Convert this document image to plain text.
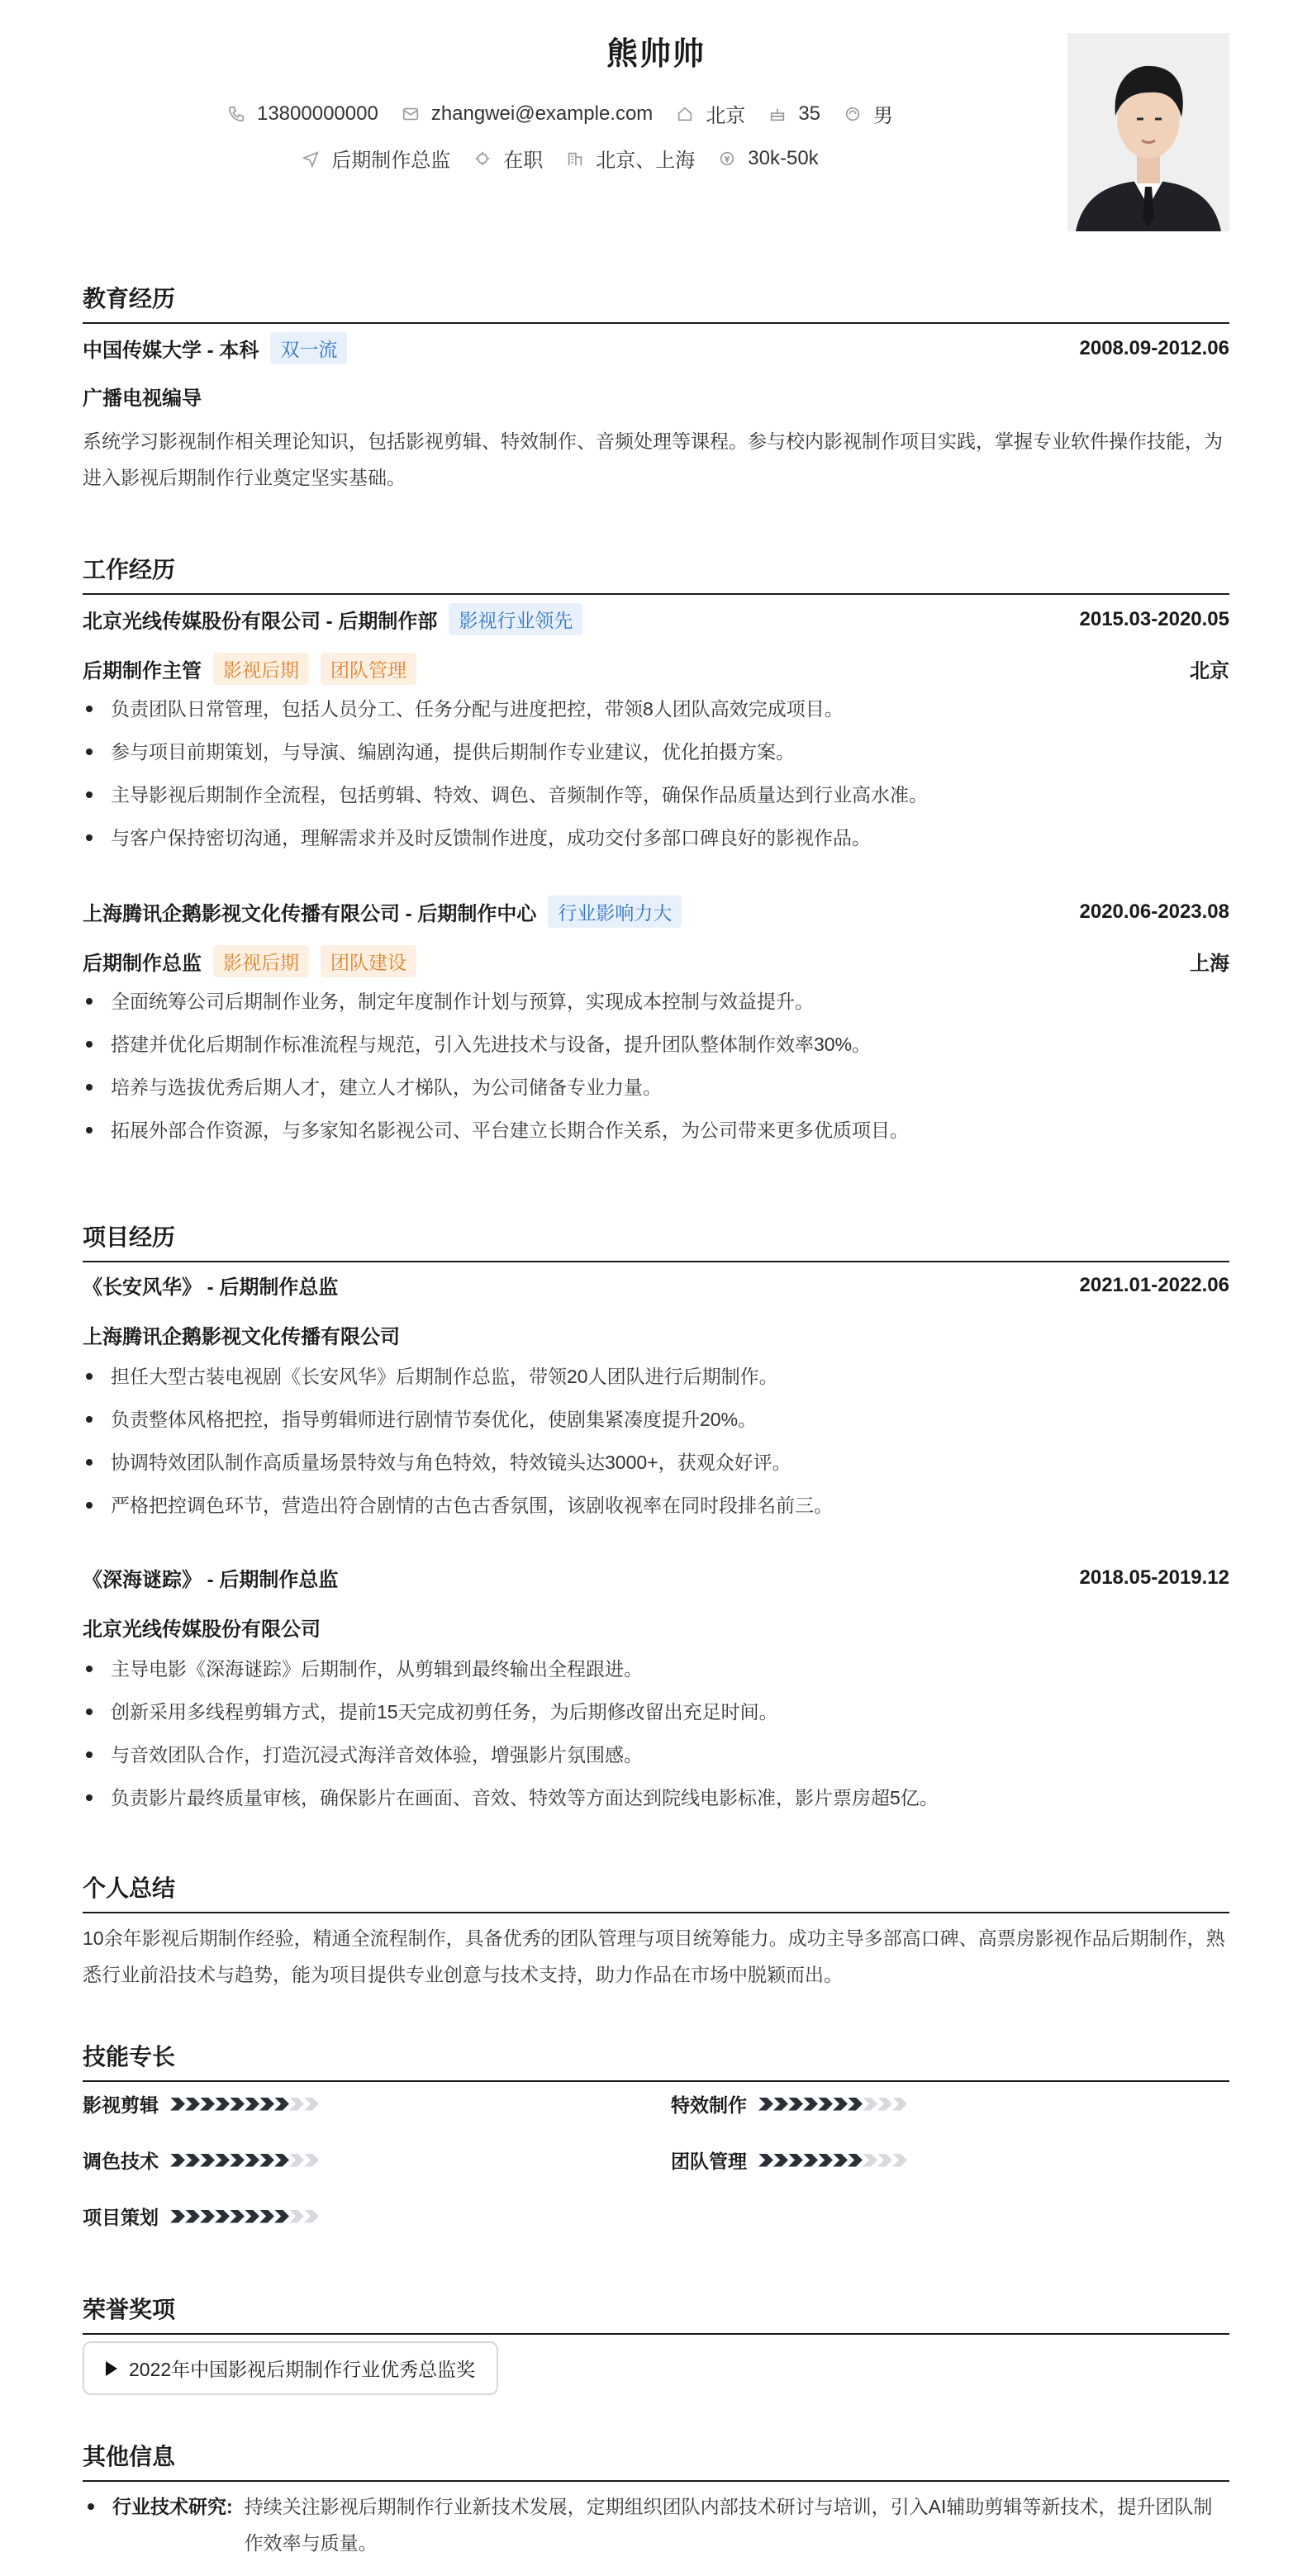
熊帅帅
13800000000	zhangwei@example.com	北京	35	男
后期制作总监	在职	北京、上海	30k-50k
教育经历
中国传媒大学 - 本科	双一流	2008.09-2012.06
广播电视编导
系统学习影视制作相关理论知识，包括影视剪辑、特效制作、音频处理等课程。参与校内影视制作项目实践，掌握专业软件操作技能，为进入影视后期制作行业奠定坚实基础。
工作经历
北京光线传媒股份有限公司 - 后期制作部	影视行业领先	2015.03-2020.05
后期制作主管	影视后期	团队管理	北京
负责团队日常管理，包括人员分工、任务分配与进度把控，带领8人团队高效完成项目。
参与项目前期策划，与导演、编剧沟通，提供后期制作专业建议，优化拍摄方案。
主导影视后期制作全流程，包括剪辑、特效、调色、音频制作等，确保作品质量达到行业高水准。
与客户保持密切沟通，理解需求并及时反馈制作进度，成功交付多部口碑良好的影视作品。
上海腾讯企鹅影视文化传播有限公司 - 后期制作中心	行业影响力大	2020.06-2023.08
后期制作总监	影视后期	团队建设	上海
全面统筹公司后期制作业务，制定年度制作计划与预算，实现成本控制与效益提升。
搭建并优化后期制作标准流程与规范，引入先进技术与设备，提升团队整体制作效率30%。
培养与选拔优秀后期人才，建立人才梯队，为公司储备专业力量。
拓展外部合作资源，与多家知名影视公司、平台建立长期合作关系，为公司带来更多优质项目。
项目经历
《长安风华》 - 后期制作总监	2021.01-2022.06
上海腾讯企鹅影视文化传播有限公司
担任大型古装电视剧《长安风华》后期制作总监，带领20人团队进行后期制作。
负责整体风格把控，指导剪辑师进行剧情节奏优化，使剧集紧凑度提升20%。
协调特效团队制作高质量场景特效与角色特效，特效镜头达3000+，获观众好评。
严格把控调色环节，营造出符合剧情的古色古香氛围，该剧收视率在同时段排名前三。
《深海谜踪》 - 后期制作总监	2018.05-2019.12
北京光线传媒股份有限公司
主导电影《深海谜踪》后期制作，从剪辑到最终输出全程跟进。
创新采用多线程剪辑方式，提前15天完成初剪任务，为后期修改留出充足时间。
与音效团队合作，打造沉浸式海洋音效体验，增强影片氛围感。
负责影片最终质量审核，确保影片在画面、音效、特效等方面达到院线电影标准，影片票房超5亿。
个人总结
10余年影视后期制作经验，精通全流程制作，具备优秀的团队管理与项目统筹能力。成功主导多部高口碑、高票房影视作品后期制作，熟悉行业前沿技术与趋势，能为项目提供专业创意与技术支持，助力作品在市场中脱颖而出。
技能专长
影视剪辑	特效制作
调色技术	团队管理
项目策划
荣誉奖项
2022年中国影视后期制作行业优秀总监奖
其他信息
行业技术研究: 持续关注影视后期制作行业新技术发展，定期组织团队内部技术研讨与培训，引入AI辅助剪辑等新技术，提升团队制作效率与质量。
